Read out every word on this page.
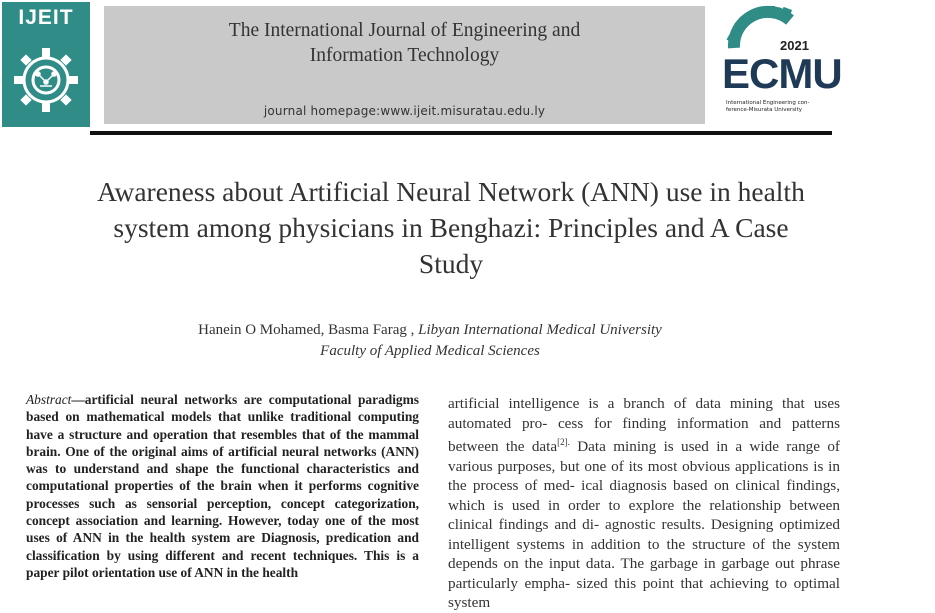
IJEIT
The International Journal of Engineering and
Information Technology
journal homepage:www.ijeit.misuratau.edu.ly
2021
ECMU
International Engineering con-ference-Misurata University
Awareness about Artificial Neural Network (ANN) use in health
system among physicians in Benghazi: Principles and A Case
Study
Hanein O Mohamed, Basma Farag , Libyan International Medical University
Faculty of Applied Medical Sciences
Abstract—artificial neural networks are computational paradigms based on mathematical models that unlike traditional computing have a structure and operation that resembles that of the mammal brain. One of the original aims of artificial neural networks (ANN) was to understand and shape the functional characteristics and computational properties of the brain when it performs cognitive processes such as sensorial perception, concept categorization, concept association and learning. However, today one of the most uses of ANN in the health system are Diagnosis, predication and classification by using different and recent techniques. This is a paper pilot orientation use of ANN in the health
artificial intelligence is a branch of data mining that uses automated pro- cess for finding information and patterns between the data$^{[2].}$ Data mining is used in a wide range of various purposes, but one of its most obvious applications is in the process of med- ical diagnosis based on clinical findings, which is used in order to explore the relationship between clinical findings and di- agnostic results. Designing optimized intelligent systems in addition to the structure of the system depends on the input data. The garbage in garbage out phrase particularly empha- sized this point that achieving to optimal system
